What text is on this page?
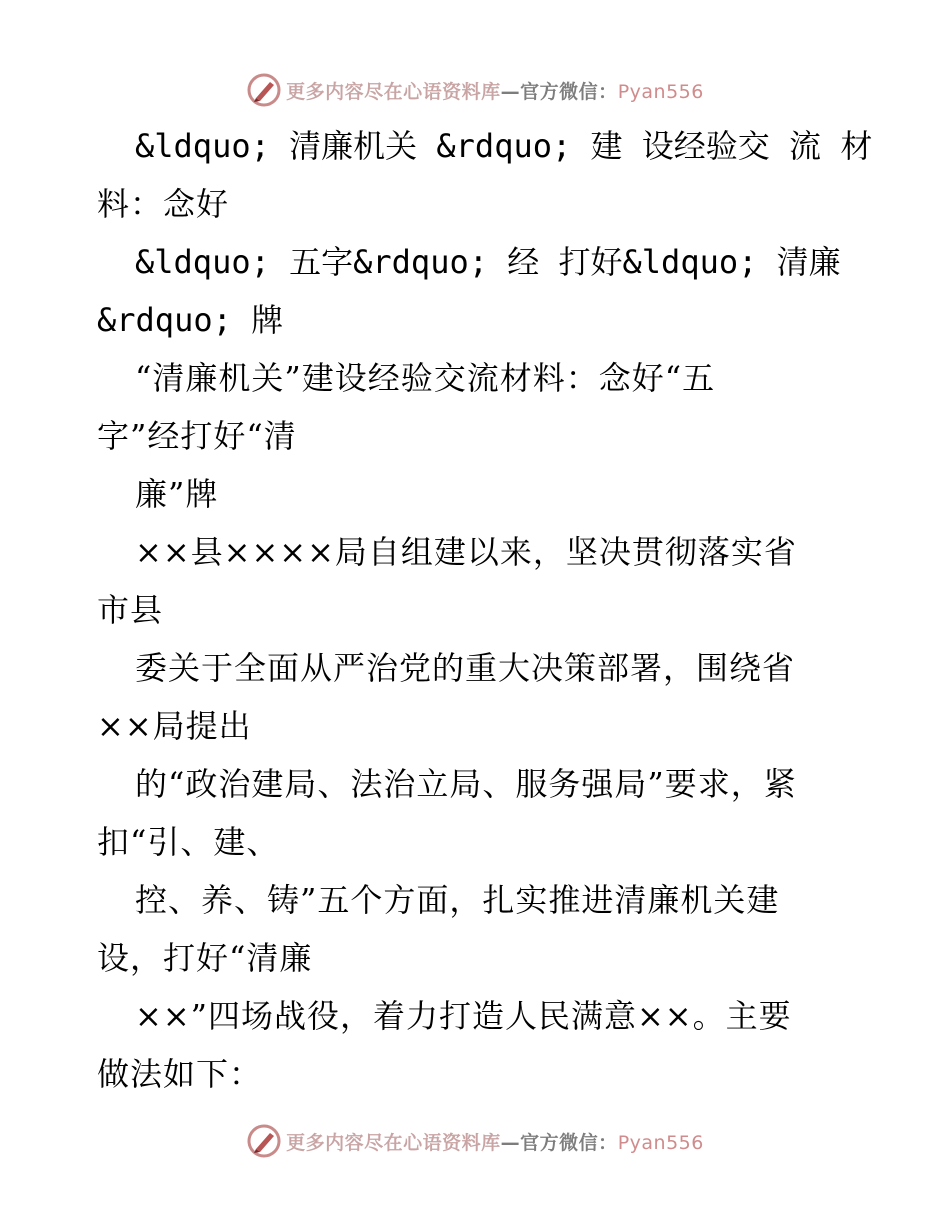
更多内容尽在心语资料库—官方微信：Pyan556
&ldquo; 清廉机关 &rdquo; 建 设经验交 流 材
料：念好
&ldquo; 五字&rdquo; 经 打好&ldquo; 清廉
&rdquo; 牌
“清廉机关”建设经验交流材料：念好“五
字”经打好“清
廉”牌
××县××××局自组建以来，坚决贯彻落实省
市县
委关于全面从严治党的重大决策部署，围绕省
××局提出
的“政治建局、法治立局、服务强局”要求，紧
扣“引、建、
控、养、铸”五个方面，扎实推进清廉机关建
设，打好“清廉
××”四场战役，着力打造人民满意××。主要
做法如下：
更多内容尽在心语资料库—官方微信：Pyan556
